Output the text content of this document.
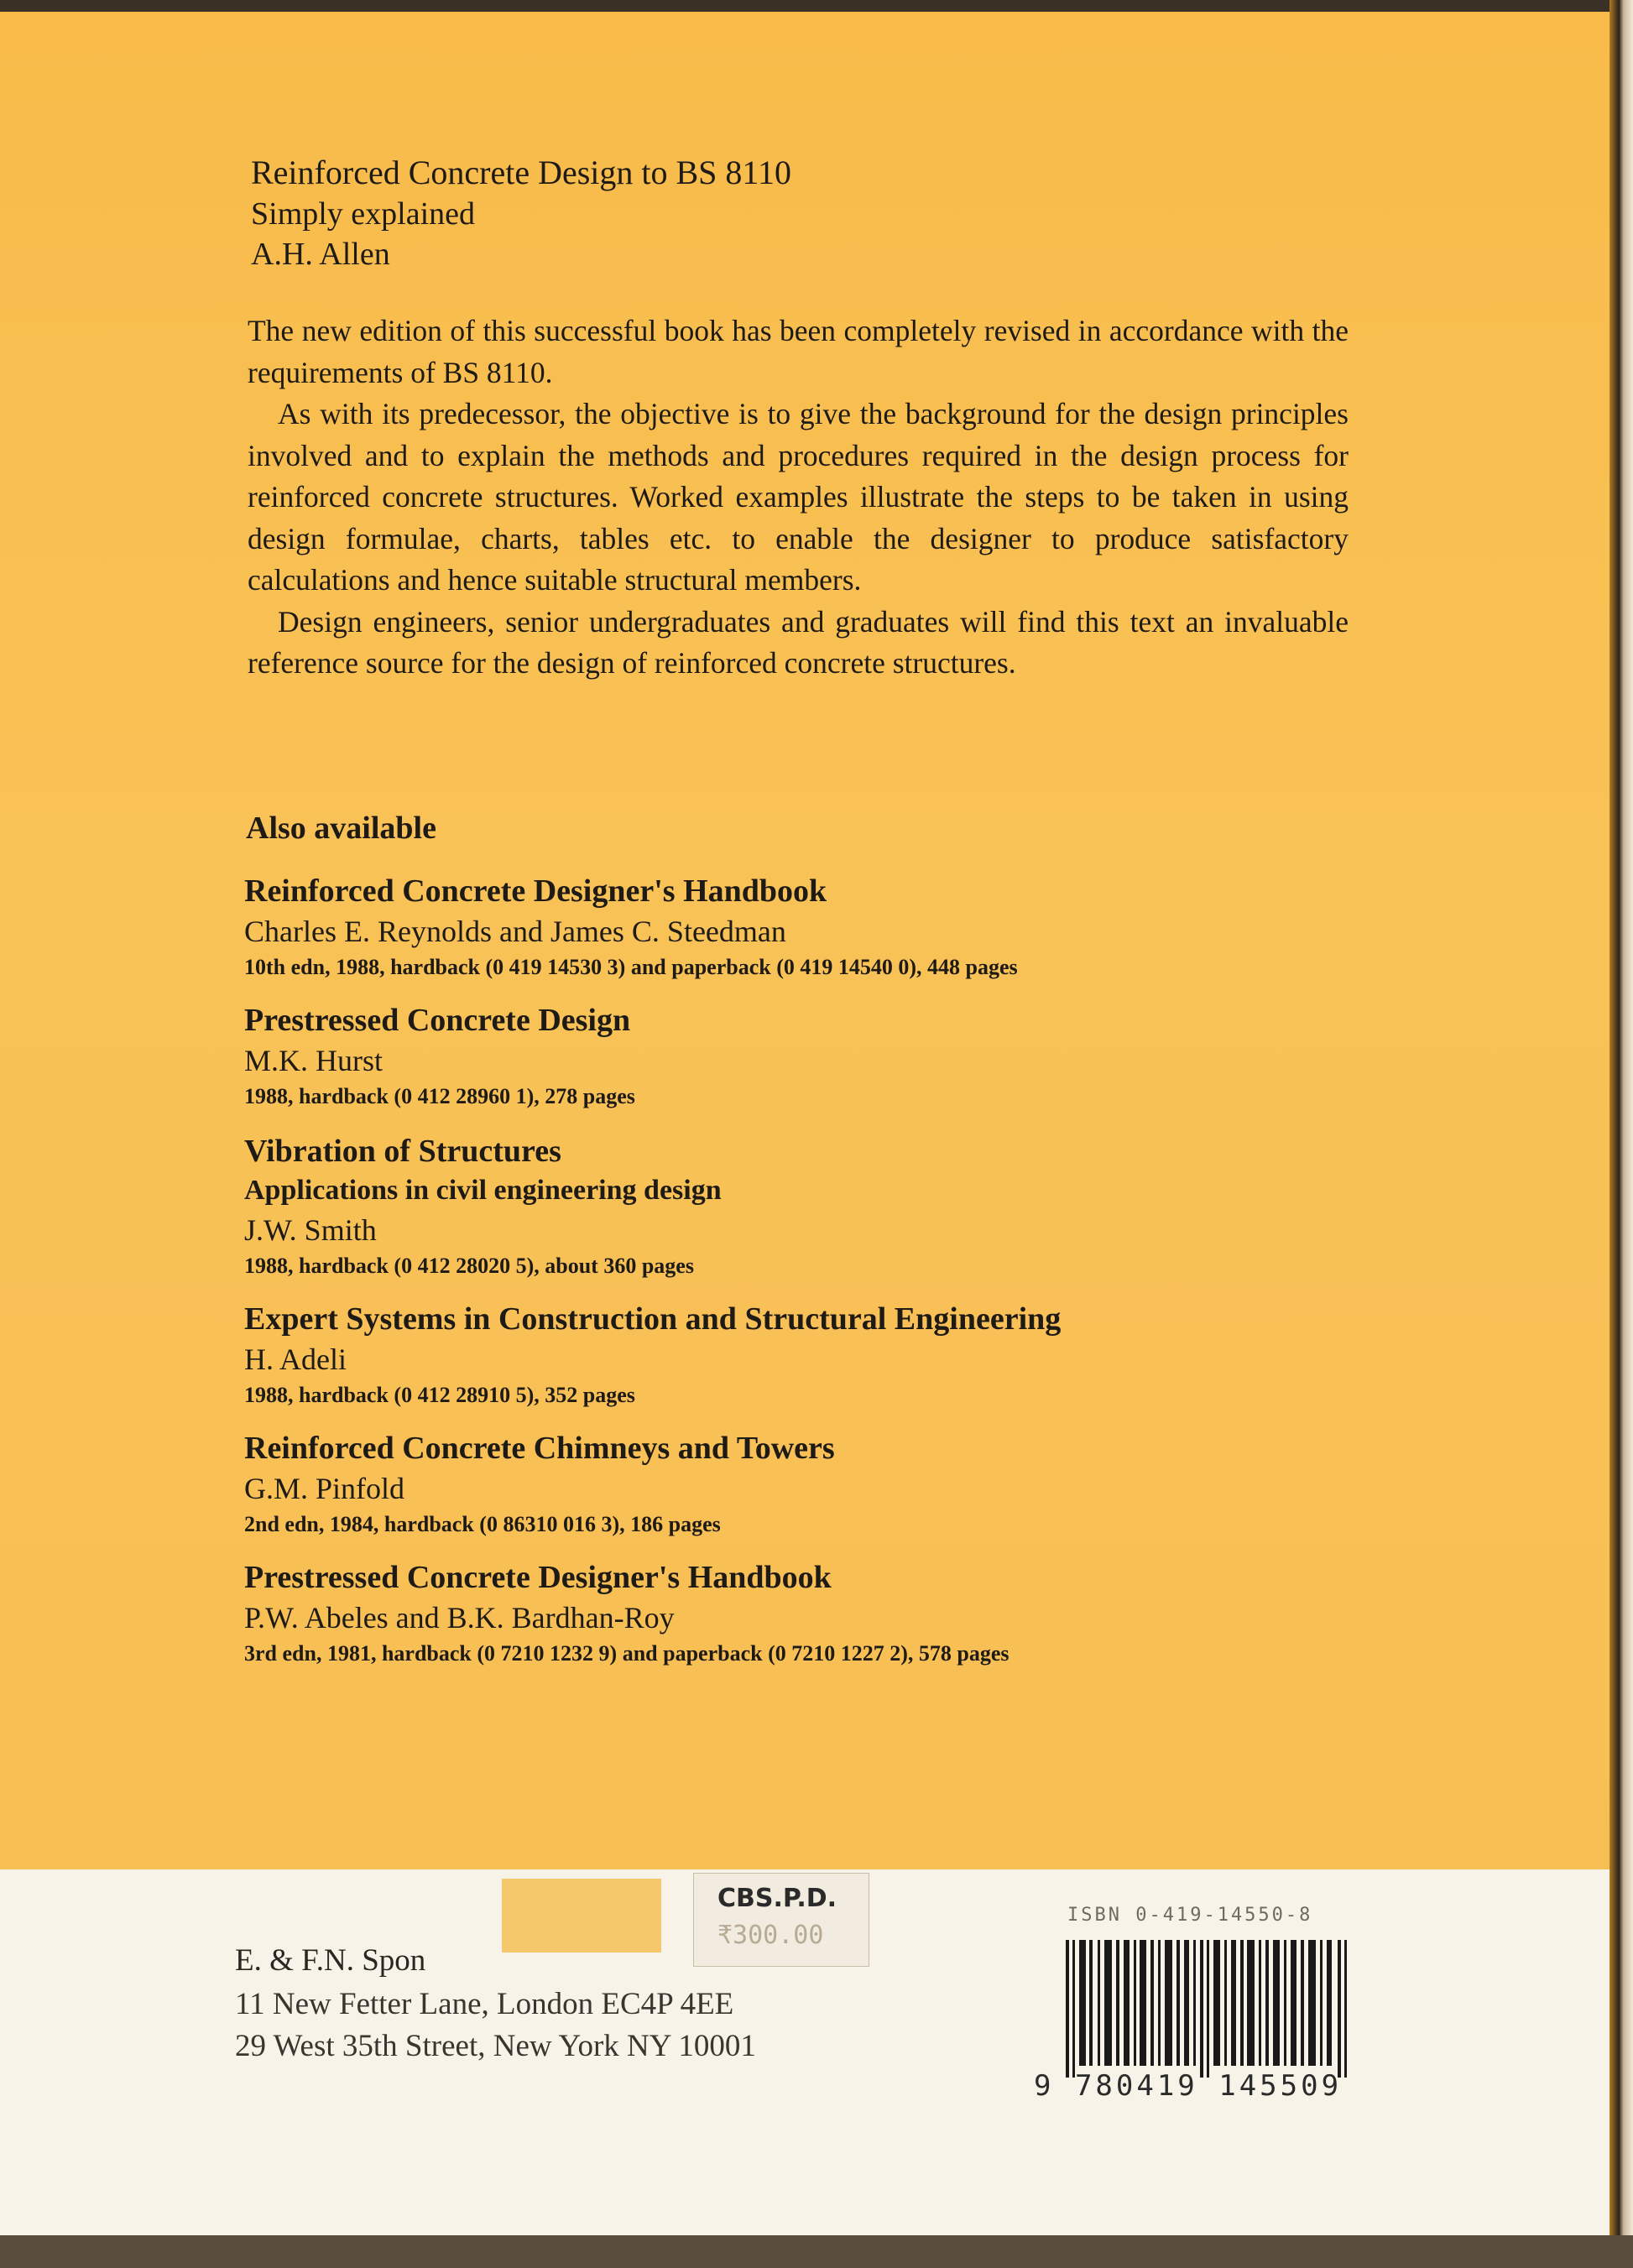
Reinforced Concrete Design to BS 8110
Simply explained
A.H. Allen

The new edition of this successful book has been completely revised in accordance with the requirements of BS 8110.

As with its predecessor, the objective is to give the background for the design principles involved and to explain the methods and procedures required in the design process for reinforced concrete structures. Worked examples illustrate the steps to be taken in using design formulae, charts, tables etc. to enable the designer to produce satisfactory calculations and hence suitable structural members.

Design engineers, senior undergraduates and graduates will find this text an invaluable reference source for the design of reinforced concrete structures.

Also available
Reinforced Concrete Designer's Handbook
Charles E. Reynolds and James C. Steedman
10th edn, 1988, hardback (0 419 14530 3) and paperback (0 419 14540 0), 448 pages
Prestressed Concrete Design
M.K. Hurst
1988, hardback (0 412 28960 1), 278 pages
Vibration of Structures
Applications in civil engineering design
J.W. Smith
1988, hardback (0 412 28020 5), about 360 pages
Expert Systems in Construction and Structural Engineering
H. Adeli
1988, hardback (0 412 28910 5), 352 pages
Reinforced Concrete Chimneys and Towers
G.M. Pinfold
2nd edn, 1984, hardback (0 86310 016 3), 186 pages
Prestressed Concrete Designer's Handbook
P.W. Abeles and B.K. Bardhan-Roy
3rd edn, 1981, hardback (0 7210 1232 9) and paperback (0 7210 1227 2), 578 pages
CBS.P.D.
₹300.00
E. & F.N. Spon
11 New Fetter Lane, London EC4P 4EE
29 West 35th Street, New York NY 10001
ISBN 0-419-14550-8
9 780419 145509
